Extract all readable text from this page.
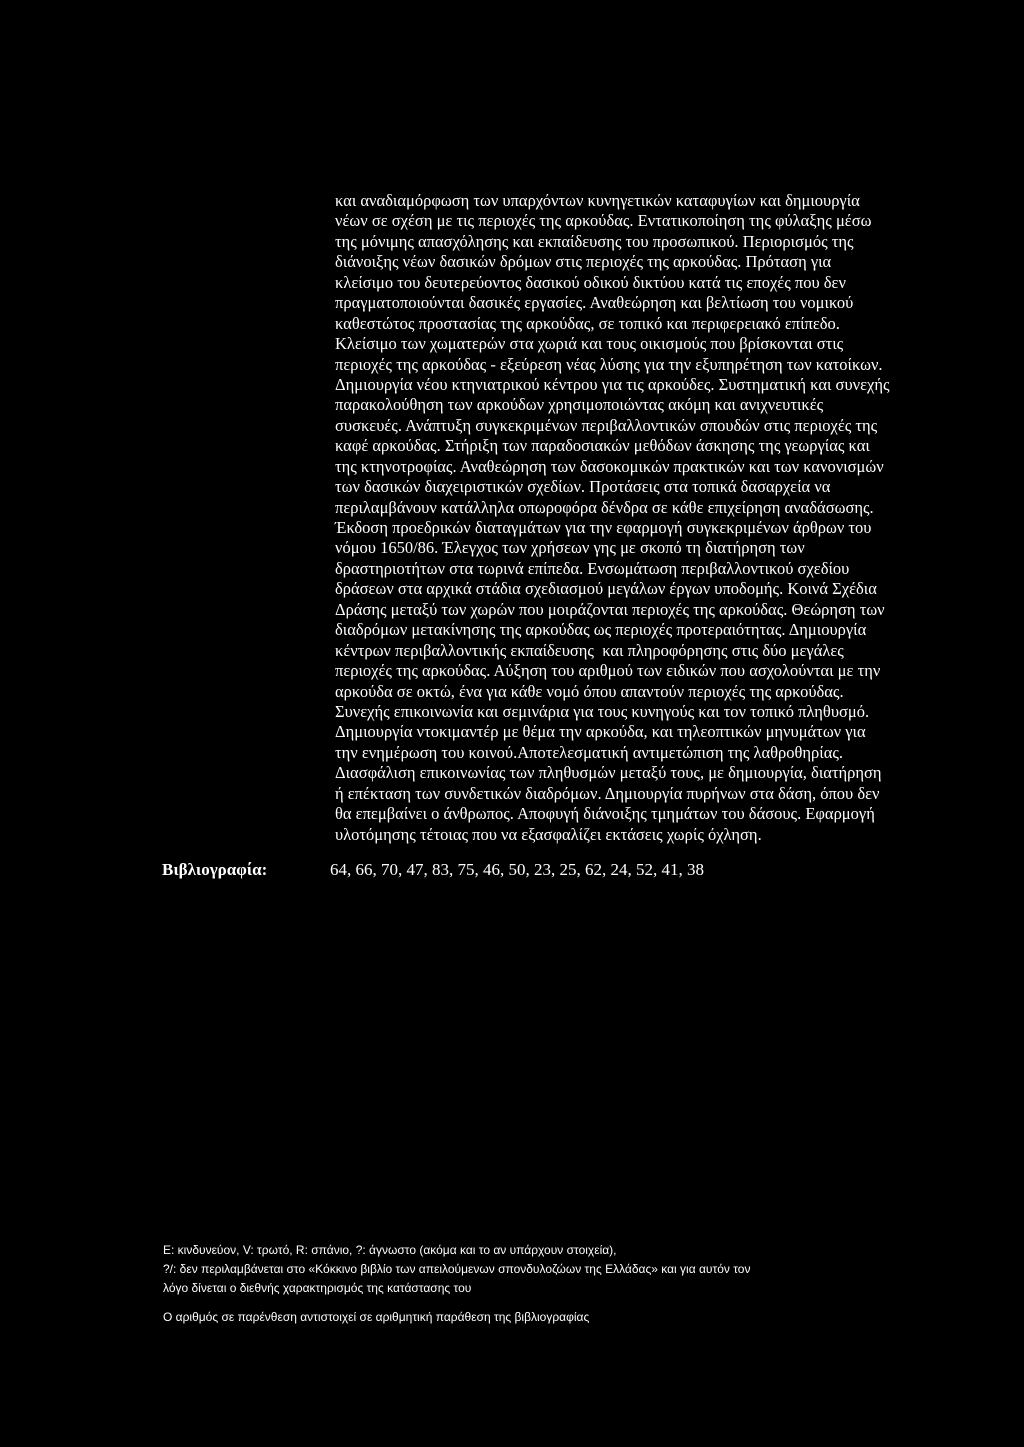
και αναδιαμόρφωση των υπαρχόντων κυνηγετικών καταφυγίων και δημιουργία
νέων σε σχέση με τις περιοχές της αρκούδας. Εντατικοποίηση της φύλαξης μέσω
της μόνιμης απασχόλησης και εκπαίδευσης του προσωπικού. Περιορισμός της
διάνοιξης νέων δασικών δρόμων στις περιοχές της αρκούδας. Πρόταση για
κλείσιμο του δευτερεύοντος δασικού οδικού δικτύου κατά τις εποχές που δεν
πραγματοποιούνται δασικές εργασίες. Αναθεώρηση και βελτίωση του νομικού
καθεστώτος προστασίας της αρκούδας, σε τοπικό και περιφερειακό επίπεδο.
Κλείσιμο των χωματερών στα χωριά και τους οικισμούς που βρίσκονται στις
περιοχές της αρκούδας - εξεύρεση νέας λύσης για την εξυπηρέτηση των κατοίκων.
Δημιουργία νέου κτηνιατρικού κέντρου για τις αρκούδες. Συστηματική και συνεχής
παρακολούθηση των αρκούδων χρησιμοποιώντας ακόμη και ανιχνευτικές
συσκευές. Ανάπτυξη συγκεκριμένων περιβαλλοντικών σπουδών στις περιοχές της
καφέ αρκούδας. Στήριξη των παραδοσιακών μεθόδων άσκησης της γεωργίας και
της κτηνοτροφίας. Αναθεώρηση των δασοκομικών πρακτικών και των κανονισμών
των δασικών διαχειριστικών σχεδίων. Προτάσεις στα τοπικά δασαρχεία να
περιλαμβάνουν κατάλληλα οπωροφόρα δένδρα σε κάθε επιχείρηση αναδάσωσης.
Έκδοση προεδρικών διαταγμάτων για την εφαρμογή συγκεκριμένων άρθρων του
νόμου 1650/86. Έλεγχος των χρήσεων γης με σκοπό τη διατήρηση των
δραστηριοτήτων στα τωρινά επίπεδα. Ενσωμάτωση περιβαλλοντικού σχεδίου
δράσεων στα αρχικά στάδια σχεδιασμού μεγάλων έργων υποδομής. Κοινά Σχέδια
Δράσης μεταξύ των χωρών που μοιράζονται περιοχές της αρκούδας. Θεώρηση των
διαδρόμων μετακίνησης της αρκούδας ως περιοχές προτεραιότητας. Δημιουργία
κέντρων περιβαλλοντικής εκπαίδευσης  και πληροφόρησης στις δύο μεγάλες
περιοχές της αρκούδας. Αύξηση του αριθμού των ειδικών που ασχολούνται με την
αρκούδα σε οκτώ, ένα για κάθε νομό όπου απαντούν περιοχές της αρκούδας.
Συνεχής επικοινωνία και σεμινάρια για τους κυνηγούς και τον τοπικό πληθυσμό.
Δημιουργία ντοκιμαντέρ με θέμα την αρκούδα, και τηλεοπτικών μηνυμάτων για
την ενημέρωση του κοινού.Αποτελεσματική αντιμετώπιση της λαθροθηρίας.
Διασφάλιση επικοινωνίας των πληθυσμών μεταξύ τους, με δημιουργία, διατήρηση
ή επέκταση των συνδετικών διαδρόμων. Δημιουργία πυρήνων στα δάση, όπου δεν
θα επεμβαίνει ο άνθρωπος. Αποφυγή διάνοιξης τμημάτων του δάσους. Εφαρμογή
υλοτόμησης τέτοιας που να εξασφαλίζει εκτάσεις χωρίς όχληση.
Βιβλιογραφία:	64, 66, 70, 47, 83, 75, 46, 50, 23, 25, 62, 24, 52, 41, 38
E: κινδυνεύον, V: τρωτό, R: σπάνιο, ?: άγνωστο (ακόμα και το αν υπάρχουν στοιχεία),
?/: δεν περιλαμβάνεται στο «Κόκκινο βιβλίο των απειλούμενων σπονδυλοζώων της Ελλάδας» και για αυτόν τον
λόγο δίνεται ο διεθνής χαρακτηρισμός της κατάστασης του
Ο αριθμός σε παρένθεση αντιστοιχεί σε αριθμητική παράθεση της βιβλιογραφίας
